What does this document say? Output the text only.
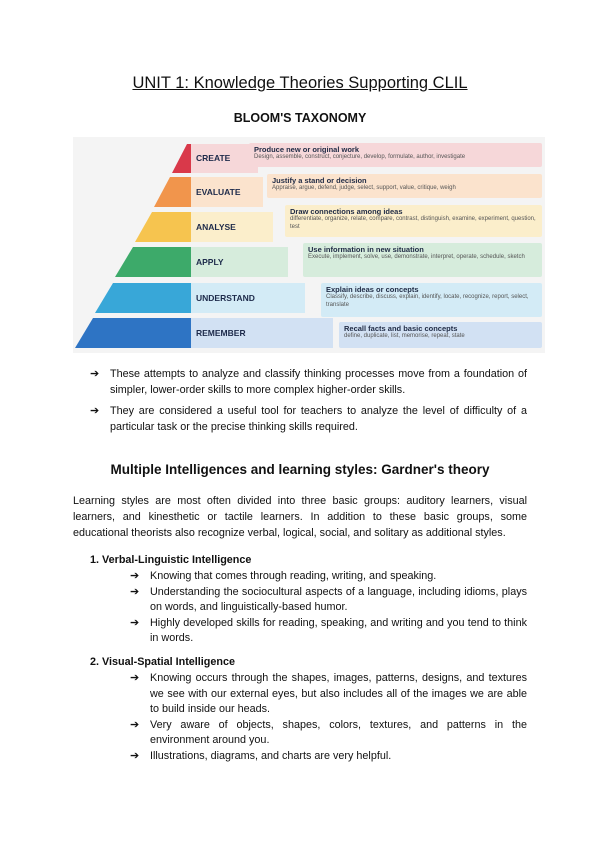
UNIT 1: Knowledge Theories Supporting CLIL
BLOOM'S TAXONOMY
CREATE
EVALUATE
ANALYSE
APPLY
UNDERSTAND
REMEMBER
Produce new or original work
Design, assemble, construct, conjecture, develop, formulate, author, investigate
Justify a stand or decision
Appraise, argue, defend, judge, select, support, value, critique, weigh
Draw connections among ideas
differentiate, organize, relate, compare, contrast, distinguish, examine, experiment, question, test
Use information in new situation
Execute, implement, solve, use, demonstrate, interpret, operate, schedule, sketch
Explain ideas or concepts
Classify, describe, discuss, explain, identify, locate, recognize, report, select, translate
Recall facts and basic concepts
define, duplicate, list, memorise, repeat, state
➔ These attempts to analyze and classify thinking processes move from a foundation of simpler, lower-order skills to more complex higher-order skills.
➔ They are considered a useful tool for teachers to analyze the level of difficulty of a particular task or the precise thinking skills required.
Multiple Intelligences and learning styles: Gardner's theory
Learning styles are most often divided into three basic groups: auditory learners, visual learners, and kinesthetic or tactile learners. In addition to these basic groups, some educational theorists also recognize verbal, logical, social, and solitary as additional styles.
1. Verbal-Linguistic Intelligence
➔ Knowing that comes through reading, writing, and speaking.
➔ Understanding the sociocultural aspects of a language, including idioms, plays on words, and linguistically-based humor.
➔ Highly developed skills for reading, speaking, and writing and you tend to think in words.
2. Visual-Spatial Intelligence
➔ Knowing occurs through the shapes, images, patterns, designs, and textures we see with our external eyes, but also includes all of the images we are able to build inside our heads.
➔ Very aware of objects, shapes, colors, textures, and patterns in the environment around you.
➔ Illustrations, diagrams, and charts are very helpful.
